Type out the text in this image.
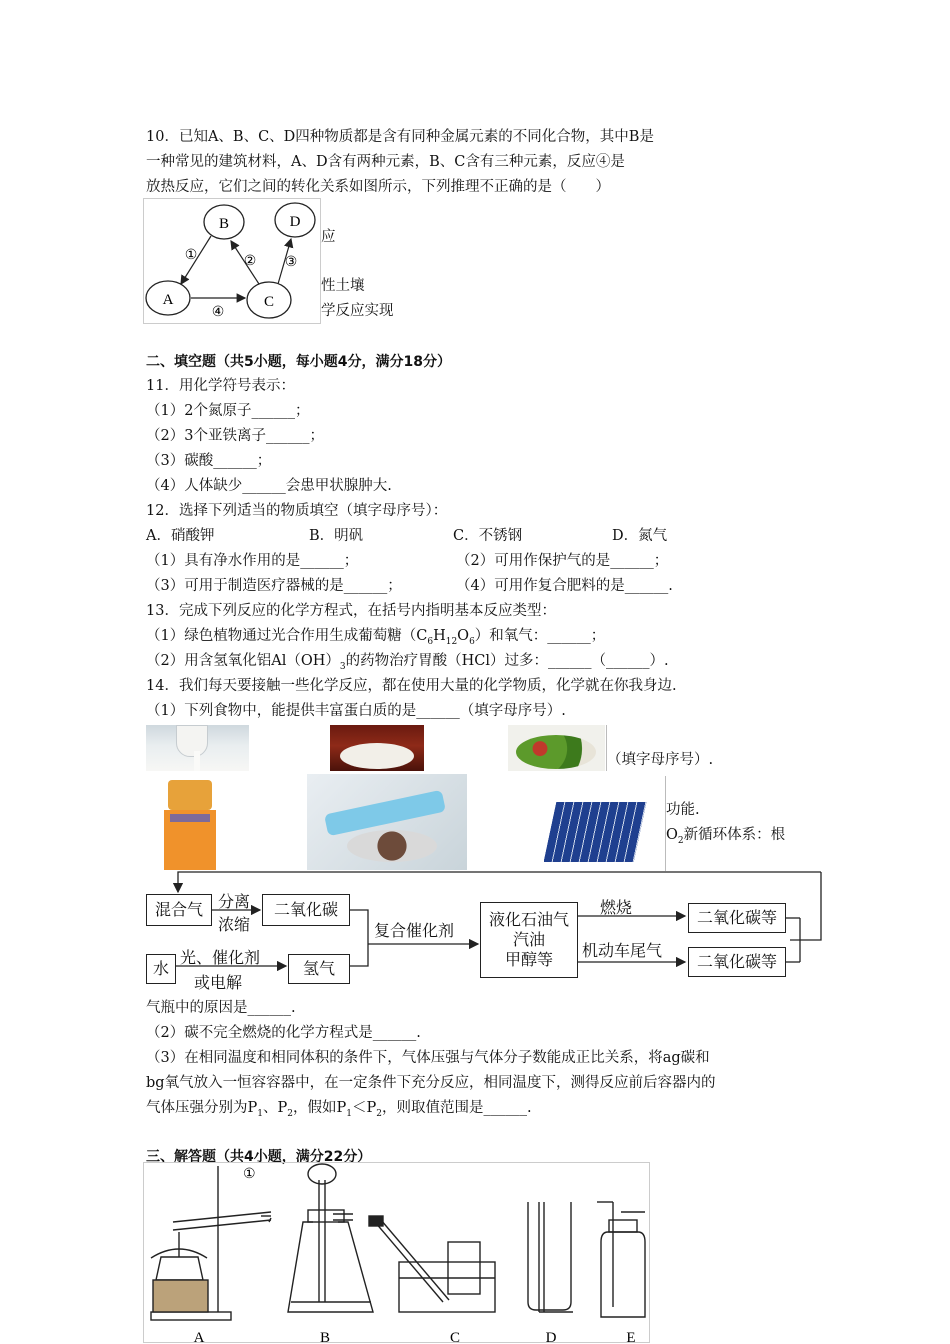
10．已知A、B、C、D四种物质都是含有同种金属元素的不同化合物，其中B是
一种常见的建筑材料，A、D含有两种元素，B、C含有三种元素，反应④是
放热反应，它们之间的转化关系如图所示，下列推理不正确的是（　　）
B	D
A	C
①	② ③
④
应
性土壤
学反应实现
二、填空题（共5小题，每小题4分，满分18分）
11．用化学符号表示：
（1）2个氮原子______；
（2）3个亚铁离子______；
（3）碳酸______；
（4）人体缺少______会患甲状腺肿大.
12．选择下列适当的物质填空（填字母序号）：
A．硝酸钾	B．明矾	C．不锈钢	D．氮气
（1）具有净水作用的是______；	（2）可用作保护气的是______；
（3）可用于制造医疗器械的是______；	（4）可用作复合肥料的是______.
13．完成下列反应的化学方程式，在括号内指明基本反应类型：
（1）绿色植物通过光合作用生成葡萄糖$(C_6H_{12}O_6)$和氧气：______；
（2）用含氢氧化铝$Al(OH)_3$的药物治疗胃酸（HCl）过多：______（______）.
14．我们每天要接触一些化学反应，都在使用大量的化学物质，化学就在你我身边.
（1）下列食物中，能提供丰富蛋白质的是______（填字母序号）.
（填字母序号）.
功能.
$O_2$新循环体系：根
混合气 分离
浓缩
二氧化碳
水
光、催化剂
或电解
氢气
复合催化剂
液化石油气
汽油
甲醇等
燃烧
机动车尾气
二氧化碳等
二氧化碳等
气瓶中的原因是______.
（2）碳不完全燃烧的化学方程式是______.
（3）在相同温度和相同体积的条件下，气体压强与气体分子数能成正比关系，将ag碳和
bg氧气放入一恒容容器中，在一定条件下充分反应，相同温度下，测得反应前后容器内的
气体压强分别为$P_1$、$P_2$，假如$P_1<P_2$，则取值范围是______.
三、解答题（共4小题，满分22分）
①
A	B	C	D	E
